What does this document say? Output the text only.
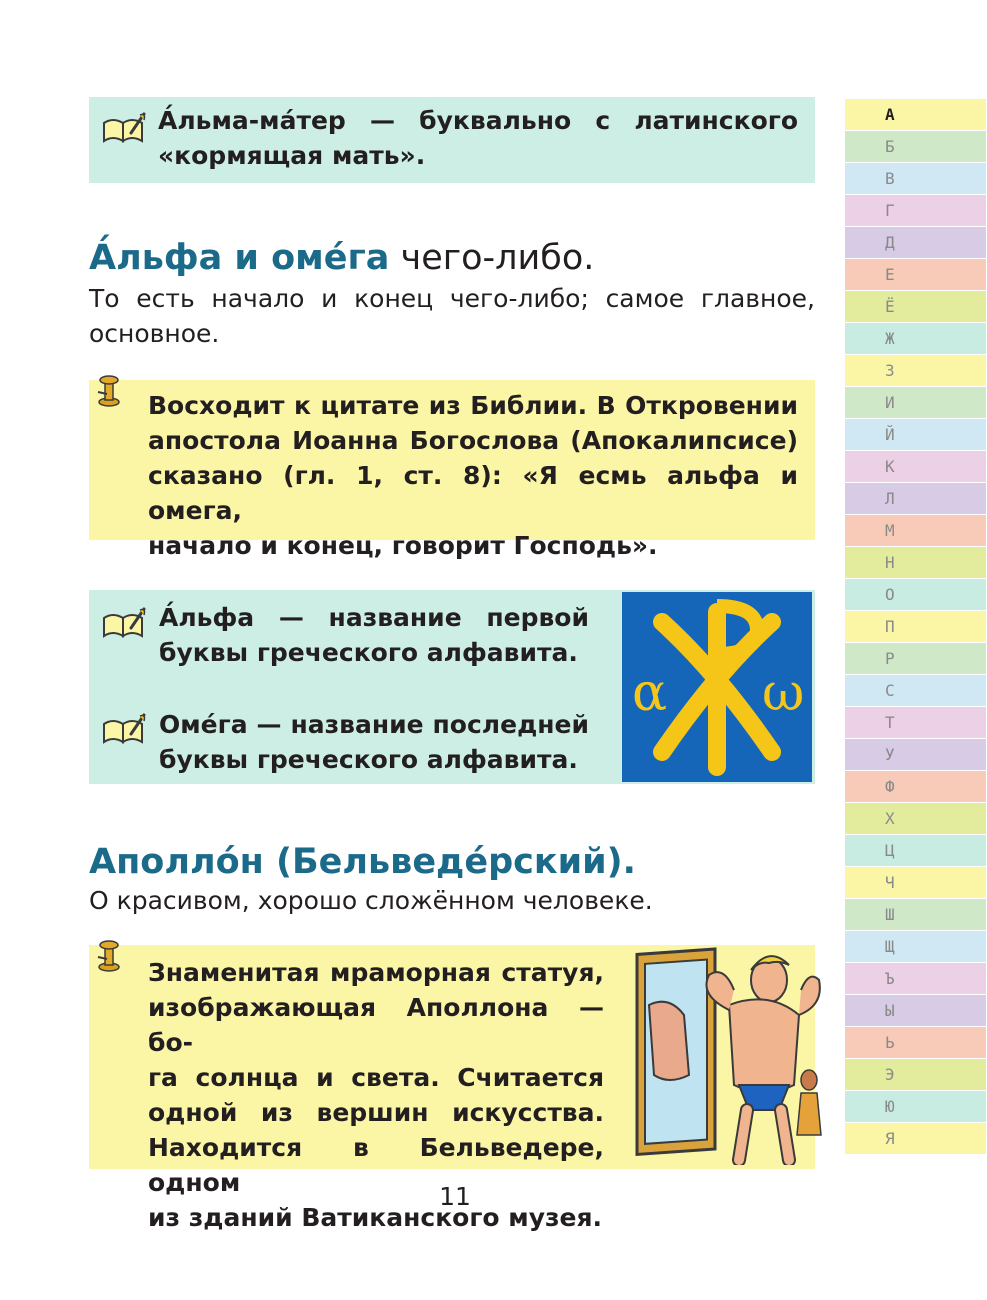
А́льма-ма́тер — буквально с латинского
«кормящая мать».
А́льфа и оме́га чего-либо.
То есть начало и конец чего-либо; самое главное, основное.
Восходит к цитате из Библии. В Откровении
апостола Иоанна Богослова (Апокалипсисе)
сказано (гл. 1, ст. 8): «Я есмь альфа и омега,
начало и конец, говорит Господь».
А́льфа — название первой
буквы греческого алфавита.
Оме́га — название последней
буквы греческого алфавита.
α ω
Аполло́н (Бельведе́рский).
О красивом, хорошо сложённом человеке.
Знаменитая мраморная статуя,
изображающая Аполлона — бо-
га солнца и света. Считается
одной из вершин искусства.
Находится в Бельведере, одном
из зданий Ватиканского музея.
11
А
Б
В
Г
Д
Е
Ё
Ж
З
И
Й
К
Л
М
Н
О
П
Р
С
Т
У
Ф
Х
Ц
Ч
Ш
Щ
Ъ
Ы
Ь
Э
Ю
Я
